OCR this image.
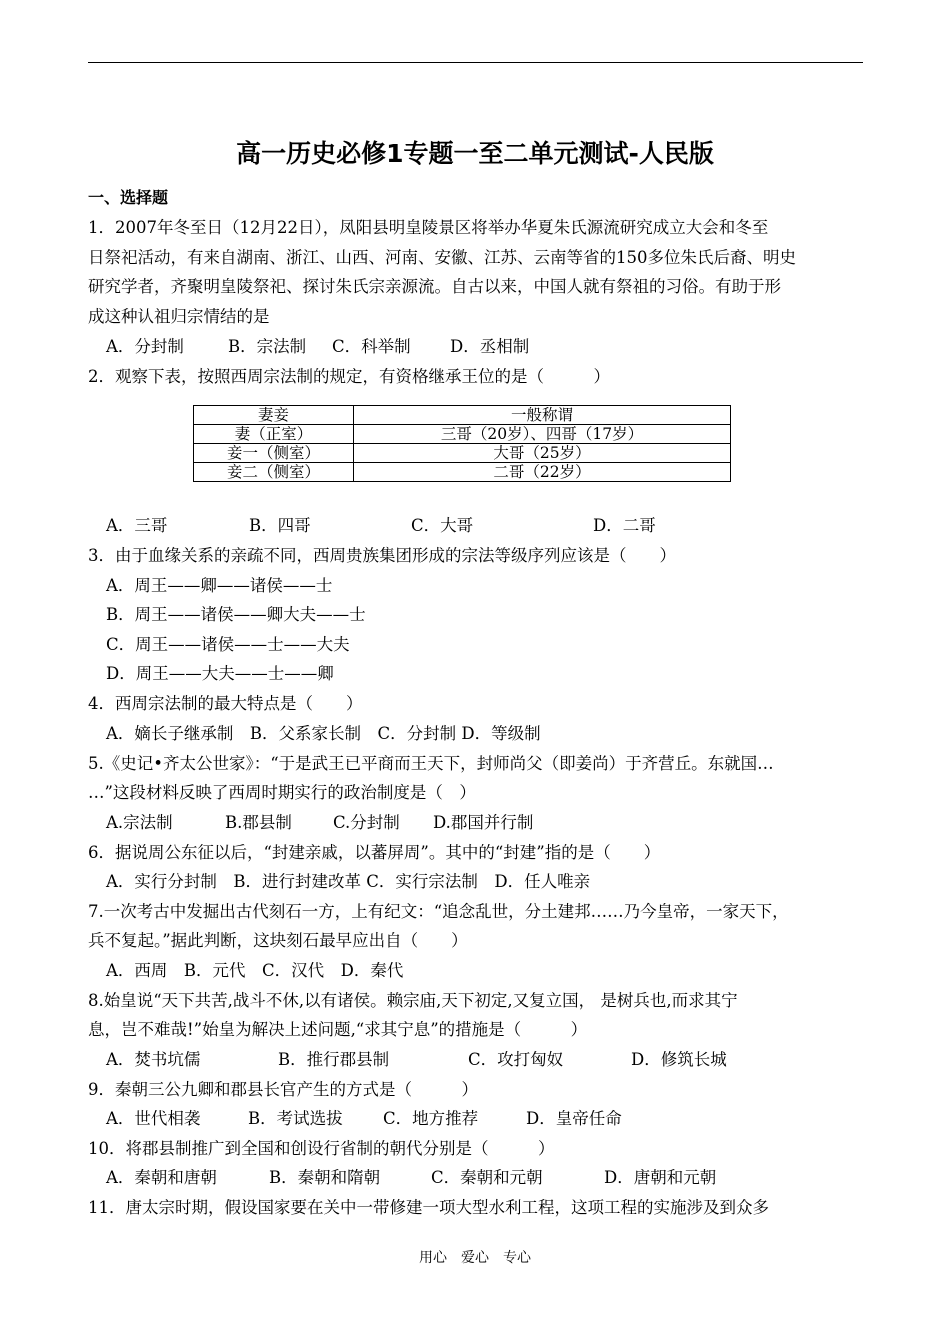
高一历史必修1专题一至二单元测试-人民版
一、选择题
1．2007年冬至日（12月22日），凤阳县明皇陵景区将举办华夏朱氏源流研究成立大会和冬至
日祭祀活动，有来自湖南、浙江、山西、河南、安徽、江苏、云南等省的150多位朱氏后裔、明史
研究学者，齐聚明皇陵祭祀、探讨朱氏宗亲源流。自古以来，中国人就有祭祖的习俗。有助于形
成这种认祖归宗情结的是
A．分封制	B．宗法制 C．科举制 D．丞相制
2．观察下表，按照西周宗法制的规定，有资格继承王位的是（　　　）
妻妾	一般称谓
妻（正室）	三哥（20岁）、四哥（17岁）
妾一（侧室）	大哥（25岁）
妾二（侧室）	二哥（22岁）
A．三哥	B．四哥	C．大哥	D．二哥
3．由于血缘关系的亲疏不同，西周贵族集团形成的宗法等级序列应该是（　　）
A．周王——卿——诸侯——士
B．周王——诸侯——卿大夫——士
C．周王——诸侯——士——大夫
D．周王——大夫——士——卿
4．西周宗法制的最大特点是（　　）
A．嫡长子继承制　B．父系家长制　C．分封制 D．等级制
5.《史记•齐太公世家》：“于是武王已平商而王天下，封师尚父（即姜尚）于齐营丘。东就国…
…”这段材料反映了西周时期实行的政治制度是（　）
A.宗法制	B.郡县制 C.分封制 D.郡国并行制
6．据说周公东征以后，“封建亲戚，以蕃屏周”。其中的“封建”指的是（　　）
A．实行分封制　B．进行封建改革 C．实行宗法制　D．任人唯亲
7.一次考古中发掘出古代刻石一方，上有纪文：“追念乱世，分土建邦……乃今皇帝，一家天下，
兵不复起。”据此判断，这块刻石最早应出自（　　）
A．西周　B．元代　C．汉代　D．秦代
8.始皇说“天下共苦,战斗不休,以有诸侯。赖宗庙,天下初定,又复立国， 是树兵也,而求其宁
息，岂不难哉!”始皇为解决上述问题,“求其宁息”的措施是（　　　）
A．焚书坑儒	B．推行郡县制	C．攻打匈奴	D．修筑长城
9．秦朝三公九卿和郡县长官产生的方式是（　　　）
A．世代相袭	B．考试选拔 C．地方推荐	D．皇帝任命
10．将郡县制推广到全国和创设行省制的朝代分别是（　　　）
A．秦朝和唐朝	B．秦朝和隋朝	C．秦朝和元朝	D．唐朝和元朝
11．唐太宗时期，假设国家要在关中一带修建一项大型水利工程，这项工程的实施涉及到众多
用心　爱心　专心
